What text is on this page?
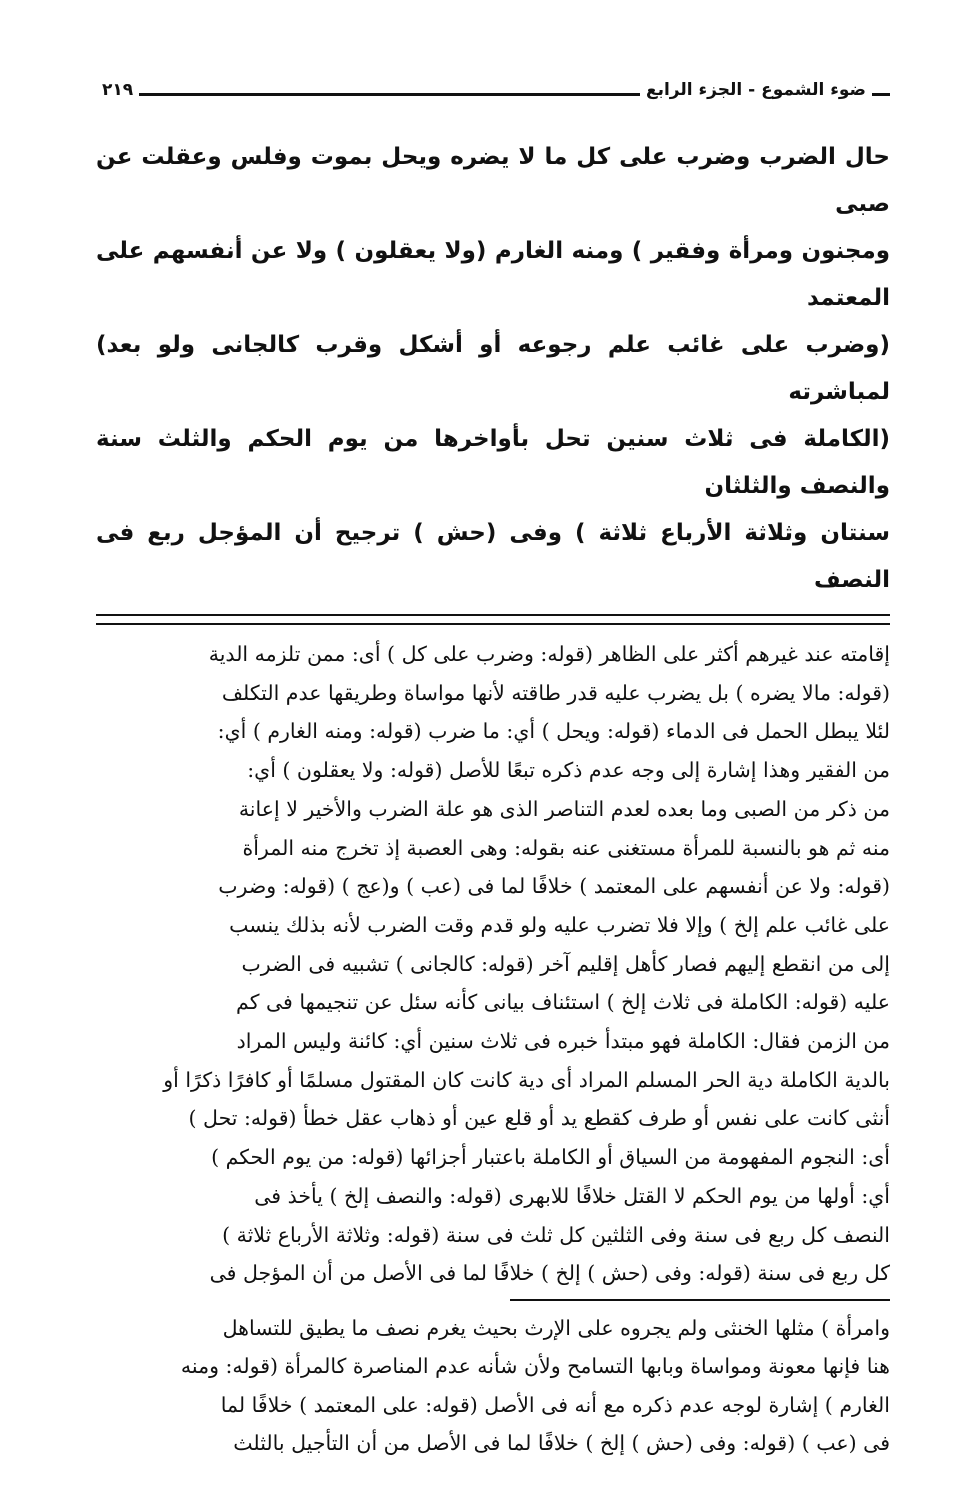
ضوء الشموع - الجزء الرابع
٢١٩

حال الضرب وضرب على كل ما لا يضره ويحل بموت وفلس وعقلت عن صبى

ومجنون ومرأة وفقير ) ومنه الغارم (ولا يعقلون ) ولا عن أنفسهم على المعتمد

(وضرب على غائب علم رجوعه أو أشكل وقرب كالجانى ولو بعد) لمباشرته

(الكاملة فى ثلاث سنين تحل بأواخرها من يوم الحكم والثلث سنة والنصف والثلثان

سنتان وثلاثة الأرباع ثلاثة ) وفى (حش ) ترجيح أن المؤجل ربع فى النصف

إقامته عند غيرهم أكثر على الظاهر (قوله: وضرب على كل ) أى: ممن تلزمه الدية

(قوله: مالا يضره ) بل يضرب عليه قدر طاقته لأنها مواساة وطريقها عدم التكلف

لئلا يبطل الحمل فى الدماء (قوله: ويحل ) أي: ما ضرب (قوله: ومنه الغارم ) أي:

من الفقير وهذا إشارة إلى وجه عدم ذكره تبعًا للأصل (قوله: ولا يعقلون ) أي:

من ذكر من الصبى وما بعده لعدم التناصر الذى هو علة الضرب والأخير لا إعانة

منه ثم هو بالنسبة للمرأة مستغنى عنه بقوله: وهى العصبة إذ تخرج منه المرأة

(قوله: ولا عن أنفسهم على المعتمد ) خلافًا لما فى (عب ) و(عج ) (قوله: وضرب

على غائب علم إلخ ) وإلا فلا تضرب عليه ولو قدم وقت الضرب لأنه بذلك ينسب

إلى من انقطع إليهم فصار كأهل إقليم آخر (قوله: كالجانى ) تشبيه فى الضرب

عليه (قوله: الكاملة فى ثلاث إلخ ) استئناف بيانى كأنه سئل عن تنجيمها فى كم

من الزمن فقال: الكاملة فهو مبتدأ خبره فى ثلاث سنين أي: كائنة وليس المراد

بالدية الكاملة دية الحر المسلم المراد أى دية كانت كان المقتول مسلمًا أو كافرًا ذكرًا أو

أنثى كانت على نفس أو طرف كقطع يد أو قلع عين أو ذهاب عقل خطأ (قوله: تحل )

أى: النجوم المفهومة من السياق أو الكاملة باعتبار أجزائها (قوله: من يوم الحكم )

أي: أولها من يوم الحكم لا القتل خلافًا للابهرى (قوله: والنصف إلخ ) يأخذ فى

النصف كل ربع فى سنة وفى الثلثين كل ثلث فى سنة (قوله: وثلاثة الأرباع ثلاثة )

كل ربع فى سنة (قوله: وفى (حش ) إلخ ) خلافًا لما فى الأصل من أن المؤجل فى

وامرأة ) مثلها الخنثى ولم يجروه على الإرث بحيث يغرم نصف ما يطيق للتساهل

هنا فإنها معونة ومواساة وبابها التسامح ولأن شأنه عدم المناصرة كالمرأة (قوله: ومنه

الغارم ) إشارة لوجه عدم ذكره مع أنه فى الأصل (قوله: على المعتمد ) خلافًا لما

فى (عب ) (قوله: وفى (حش ) إلخ ) خلافًا لما فى الأصل من أن التأجيل بالثلث
